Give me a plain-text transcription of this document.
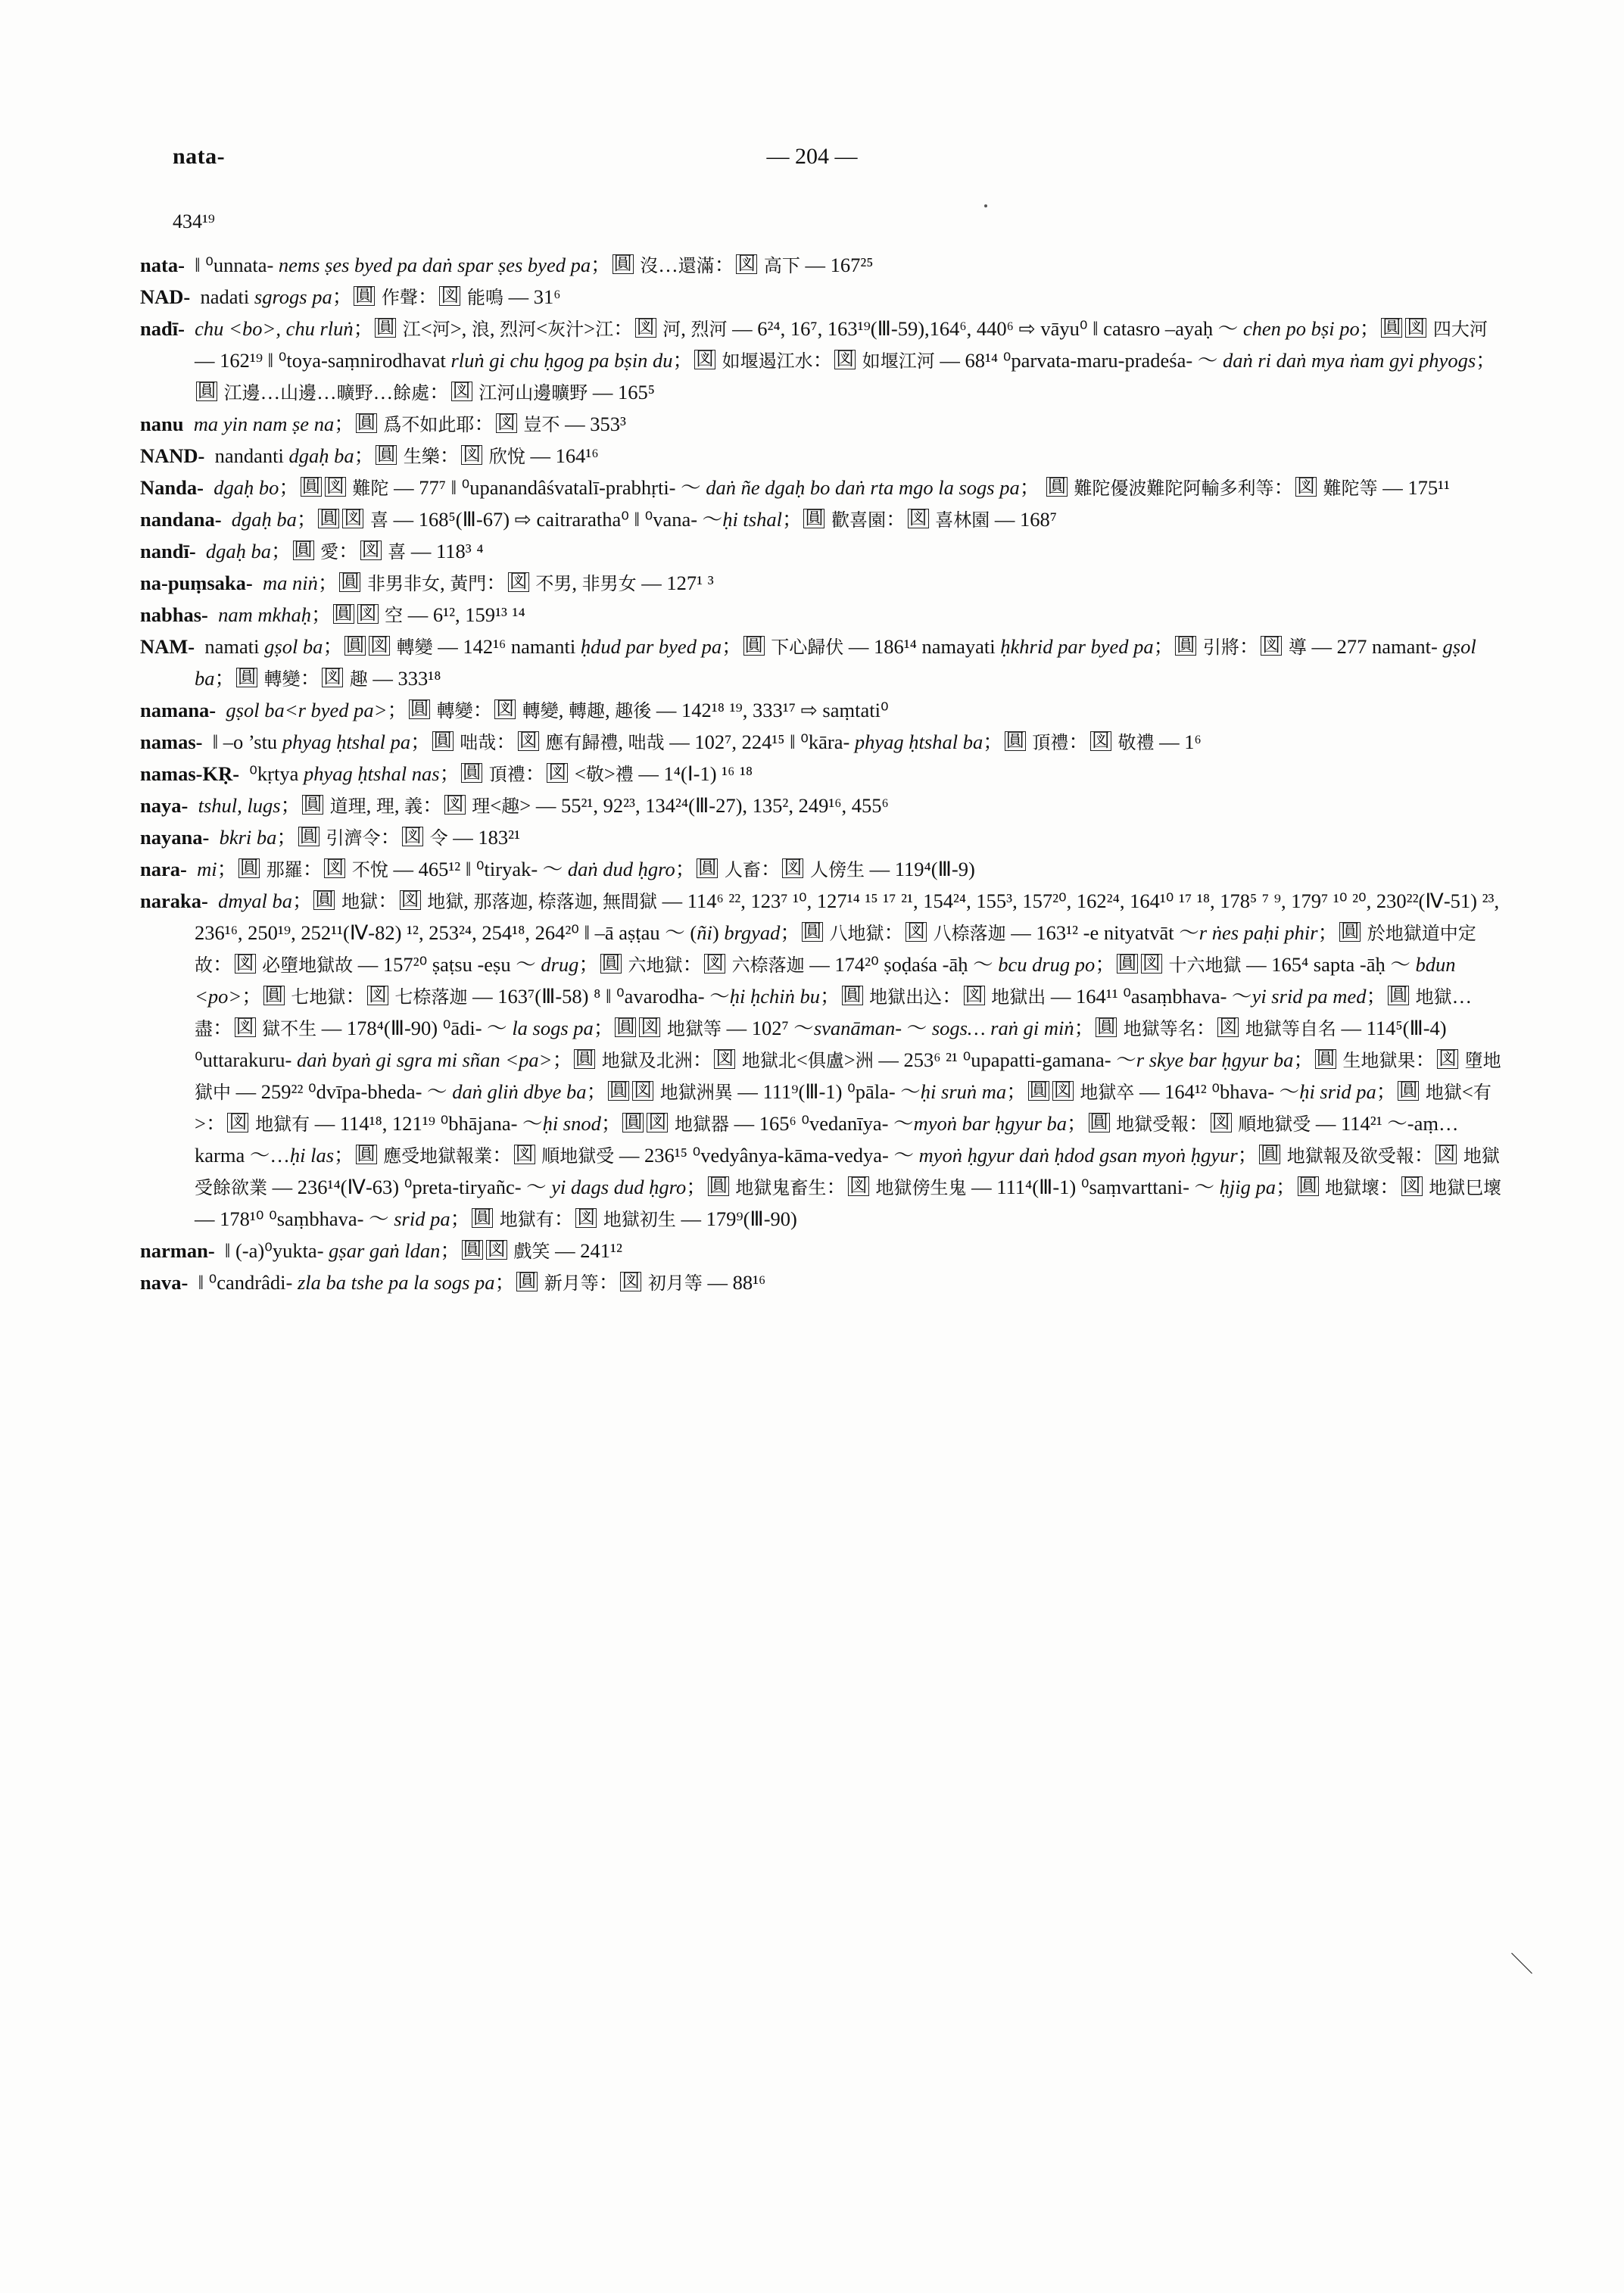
nata-	— 204 —
434¹⁹
nata-  ‖ ⁰unnata- nems ṣes byed pa daṅ spar ṣes byed pa； 圓 沒…還滿： 図 高下 — 167²⁵
NAD-  nadati sgrogs pa； 圓 作聲： 図 能鳴 — 31⁶
nadī- chu <bo>, chu rluṅ； 圓 江<河>, 浪, 烈河<灰汁>江： 図 河, 烈河 — 6²⁴, 16⁷, 163¹⁹(Ⅲ-59),164⁶, 440⁶ ⇨ vāyu⁰ ‖ catasro –ayaḥ ～ chen po bṣi po； 圓 図 四大河 — 162¹⁹ ‖ ⁰toya-saṃnirodhavat rluṅ gi chu ḥgog pa bṣin du； 図 如堰遏江水： 図 如堰江河 — 68¹⁴ ⁰parvata-maru-pradeśa- ～ daṅ ri daṅ mya ṅam gyi phyogs；圓 江邊…山邊…曠野…餘處： 図 江河山邊曠野 — 165⁵
nanu ma yin nam ṣe na； 圓 爲不如此耶： 図 豈不 — 353³
NAND-  nandanti dgaḥ ba； 圓 生樂： 図 欣悅 — 164¹⁶
Nanda- dgaḥ bo； 圓 図 難陀 — 77⁷ ‖ ⁰upanandâśvatalī-prabhṛti- ～ daṅ ñe dgaḥ bo daṅ rta mgo la sogs pa； 圓 難陀優波難陀阿輸多利等： 図 難陀等 — 175¹¹
nandana- dgaḥ ba； 圓 図 喜 — 168⁵(Ⅲ-67) ⇨ caitraratha⁰ ‖ ⁰vana- ～ḥi tshal； 圓 歡喜園： 図 喜林園 — 168⁷
nandī- dgaḥ ba； 圓 愛： 図 喜 — 118³ ⁴
na-puṃsaka- ma niṅ； 圓 非男非女, 黃門： 図 不男, 非男女 — 127¹ ³
nabhas- nam mkhaḥ； 圓 図 空 — 6¹², 159¹³ ¹⁴
NAM-  namati gṣol ba； 圓 図 轉變 — 142¹⁶ namanti ḥdud par byed pa； 圓 下心歸伏 — 186¹⁴ namayati ḥkhrid par byed pa； 圓 引將： 図 導 — 277 namant- gṣol ba； 圓 轉變： 図 趣 — 333¹⁸
namana- gṣol ba<r byed pa>； 圓 轉變： 図 轉變, 轉趣, 趣後 — 142¹⁸ ¹⁹, 333¹⁷ ⇨ saṃtati⁰
namas-  ‖ –o ’stu phyag ḥtshal pa； 圓 咄哉： 図 應有歸禮, 咄哉 — 102⁷, 224¹⁵ ‖ ⁰kāra- phyag ḥtshal ba； 圓 頂禮： 図 敬禮 — 1⁶
namas-KṚ-  ⁰kṛtya phyag ḥtshal nas； 圓 頂禮： 図 <敬>禮 — 1⁴(Ⅰ-1) ¹⁶ ¹⁸
naya- tshul, lugs； 圓 道理, 理, 義： 図 理<趣> — 55²¹, 92²³, 134²⁴(Ⅲ-27), 135², 249¹⁶, 455⁶
nayana- bkri ba； 圓 引濟令： 図 令 — 183²¹
nara- mi； 圓 那羅： 図 不悅 — 465¹² ‖ ⁰tiryak- ～ daṅ dud ḥgro； 圓 人畜： 図 人傍生 — 119⁴(Ⅲ-9)
naraka- dmyal ba； 圓 地獄： 図 地獄, 那落迦, 㮈落迦, 無間獄 — 114⁶ ²², 123⁷ ¹⁰, 127¹⁴ ¹⁵ ¹⁷ ²¹, 154²⁴, 155³, 157²⁰, 162²⁴, 164¹⁰ ¹⁷ ¹⁸, 178⁵ ⁷ ⁹, 179⁷ ¹⁰ ²⁰, 230²²(Ⅳ-51) ²³, 236¹⁶, 250¹⁹, 252¹¹(Ⅳ-82) ¹², 253²⁴, 254¹⁸, 264²⁰ ‖ –ā aṣṭau ～ (ñi) brgyad； 圓 八地獄： 図 八㮈落迦 — 163¹² -e nityatvāt ～r ṅes paḥi phir； 圓 於地獄道中定故： 図 必墮地獄故 — 157²⁰ ṣaṭsu -eṣu ～ drug； 圓 六地獄： 図 六㮈落迦 — 174²⁰ ṣoḍaśa -āḥ ～ bcu drug po； 圓 図 十六地獄 — 165⁴ sapta -āḥ ～ bdun <po>； 圓 七地獄： 図 七㮈落迦 — 163⁷(Ⅲ-58) ⁸ ‖ ⁰avarodha- ～ḥi ḥchiṅ bu； 圓 地獄出込： 図 地獄出 — 164¹¹ ⁰asaṃbhava- ～yi srid pa med； 圓 地獄…盡： 図 獄不生 — 178⁴(Ⅲ-90) ⁰ādi- ～ la sogs pa； 圓 図 地獄等 — 102⁷ ～svanāman- ～ sogs… raṅ gi miṅ； 圓 地獄等名： 図 地獄等自名 — 114⁵(Ⅲ-4) ⁰uttarakuru- daṅ byaṅ gi sgra mi sñan <pa>； 圓 地獄及北洲： 図 地獄北<俱盧>洲 — 253⁶ ²¹ ⁰upapatti-gamana- ～r skye bar ḥgyur ba； 圓 生地獄果： 図 墮地獄中 — 259²² ⁰dvīpa-bheda- ～ daṅ gliṅ dbye ba； 圓 図 地獄洲異 — 111⁹(Ⅲ-1) ⁰pāla- ～ḥi sruṅ ma； 圓 図 地獄卒 — 164¹² ⁰bhava- ～ḥi srid pa； 圓 地獄<有>： 図 地獄有 — 114¹⁸, 121¹⁹ ⁰bhājana- ～ḥi snod； 圓 図 地獄器 — 165⁶ ⁰vedanīya- ～myoṅ bar ḥgyur ba； 圓 地獄受報： 図 順地獄受 — 114²¹ ～-aṃ… karma ～…ḥi las； 圓 應受地獄報業： 図 順地獄受 — 236¹⁵ ⁰vedyânya-kāma-vedya- ～ myoṅ ḥgyur daṅ ḥdod gsan myoṅ ḥgyur； 圓 地獄報及欲受報： 図 地獄受餘欲業 — 236¹⁴(Ⅳ-63) ⁰preta-tiryañc- ～ yi dags dud ḥgro； 圓 地獄鬼畜生： 図 地獄傍生鬼 — 111⁴(Ⅲ-1) ⁰saṃvarttani- ～ ḥjig pa； 圓 地獄壞： 図 地獄巳壞 — 178¹⁰ ⁰saṃbhava- ～ srid pa； 圓 地獄有： 図 地獄初生 — 179⁹(Ⅲ-90)
narman-  ‖ (-a)⁰yukta- gṣar gaṅ ldan； 圓 図 戲笑 — 241¹²
nava-  ‖ ⁰candrâdi- zla ba tshe pa la sogs pa； 圓 新月等： 図 初月等 — 88¹⁶
＼
